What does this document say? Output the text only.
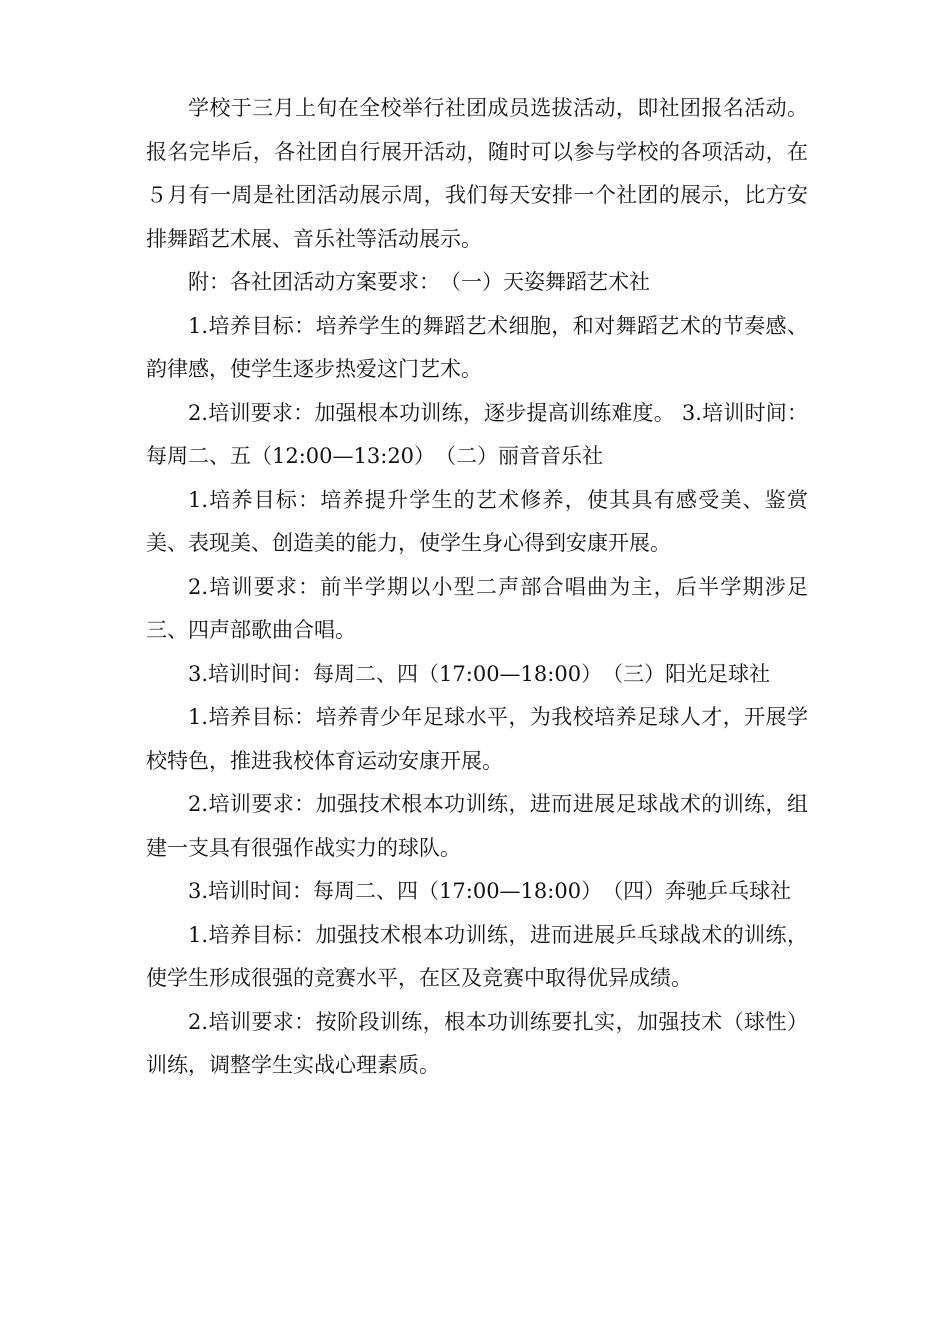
学校于三月上旬在全校举行社团成员选拔活动，即社团报名活动。报名完毕后，各社团自行展开活动，随时可以参与学校的各项活动，在５月有一周是社团活动展示周，我们每天安排一个社团的展示，比方安排舞蹈艺术展、音乐社等活动展示。

附：各社团活动方案要求：　（一）天姿舞蹈艺术社

1.培养目标：培养学生的舞蹈艺术细胞，和对舞蹈艺术的节奏感、韵律感，使学生逐步热爱这门艺术。

2.培训要求：加强根本功训练，逐步提高训练难度。 3.培训时间：每周二、五（12:00—13:20）　（二）丽音音乐社

1.培养目标：培养提升学生的艺术修养，使其具有感受美、鉴赏美、表现美、创造美的能力，使学生身心得到安康开展。

2.培训要求：前半学期以小型二声部合唱曲为主，后半学期涉足三、四声部歌曲合唱。

3.培训时间：每周二、四（17:00—18:00）　（三）阳光足球社

1.培养目标：培养青少年足球水平，为我校培养足球人才，开展学校特色，推进我校体育运动安康开展。

2.培训要求：加强技术根本功训练，进而进展足球战术的训练，组建一支具有很强作战实力的球队。

3.培训时间：每周二、四（17:00—18:00）　（四）奔驰乒乓球社

1.培养目标：加强技术根本功训练，进而进展乒乓球战术的训练，使学生形成很强的竞赛水平，在区及竞赛中取得优异成绩。

2.培训要求：按阶段训练，根本功训练要扎实，加强技术（球性）训练，调整学生实战心理素质。
